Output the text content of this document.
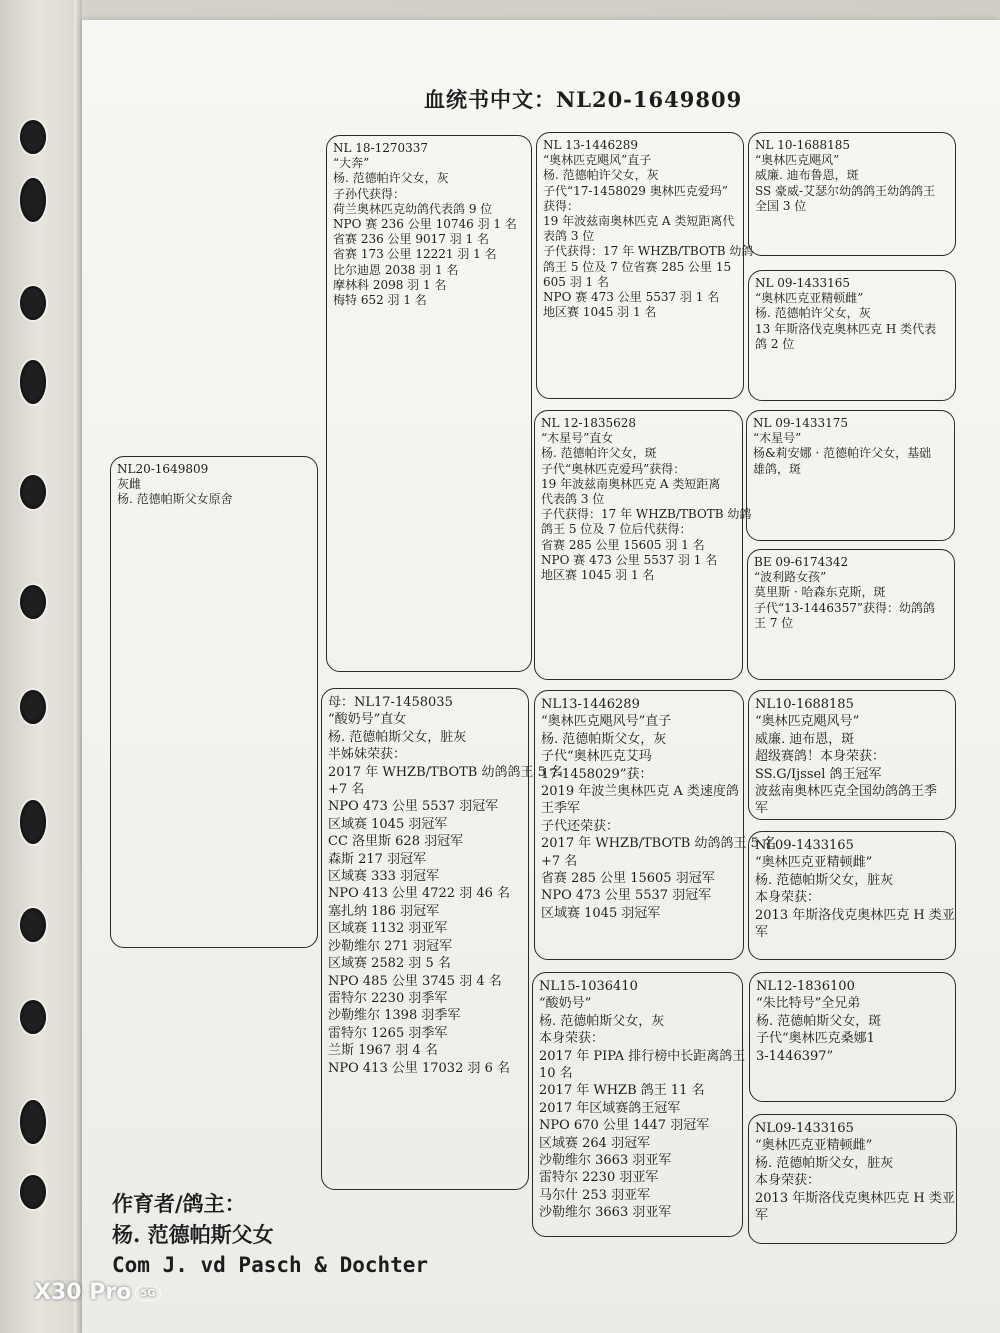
血统书中文：NL20-1649809
NL20-1649809
灰雌
杨. 范德帕斯父女原舍
NL 18-1270337
“大奔”
杨. 范德帕许父女，灰
子孙代获得：
荷兰奥林匹克幼鸽代表鸽 9 位
NPO 赛 236 公里 10746 羽 1 名
省赛 236 公里 9017 羽 1 名
省赛 173 公里 12221 羽 1 名
比尔迪恩 2038 羽 1 名
摩林科 2098 羽 1 名
梅特 652 羽 1 名
母：NL17-1458035
“酸奶号”直女
杨. 范德帕斯父女，脏灰
半姊妹荣获：
2017 年 WHZB/TBOTB 幼鸽鸽王 5 名
+7 名
NPO 473 公里 5537 羽冠军
区域赛 1045 羽冠军
CC 洛里斯 628 羽冠军
森斯 217 羽冠军
区域赛 333 羽冠军
NPO 413 公里 4722 羽 46 名
塞扎纳 186 羽冠军
区域赛 1132 羽亚军
沙勒维尔 271 羽冠军
区域赛 2582 羽 5 名
NPO 485 公里 3745 羽 4 名
雷特尔 2230 羽季军
沙勒维尔 1398 羽季军
雷特尔 1265 羽季军
兰斯 1967 羽 4 名
NPO 413 公里 17032 羽 6 名
NL 13-1446289
“奥林匹克飓风”直子
杨. 范德帕许父女，灰
子代“17-1458029 奥林匹克爱玛”
获得：
19 年波兹南奥林匹克 A 类短距离代
表鸽 3 位
子代获得：17 年 WHZB/TBOTB 幼鸽
鸽王 5 位及 7 位省赛 285 公里 15
605 羽 1 名
NPO 赛 473 公里 5537 羽 1 名
地区赛 1045 羽 1 名
NL 12-1835628
“木星号”直女
杨. 范德帕许父女，斑
子代“奥林匹克爱玛”获得：
19 年波兹南奥林匹克 A 类短距离
代表鸽 3 位
子代获得：17 年 WHZB/TBOTB 幼鸽
鸽王 5 位及 7 位后代获得：
省赛 285 公里 15605 羽 1 名
NPO 赛 473 公里 5537 羽 1 名
地区赛 1045 羽 1 名
NL13-1446289
“奥林匹克飓风号”直子
杨. 范德帕斯父女，灰
子代“奥林匹克艾玛
17-1458029”获：
2019 年波兰奥林匹克 A 类速度鸽
王季军
子代还荣获：
2017 年 WHZB/TBOTB 幼鸽鸽王 5 名
+7 名
省赛 285 公里 15605 羽冠军
NPO 473 公里 5537 羽冠军
区域赛 1045 羽冠军
NL15-1036410
“酸奶号”
杨. 范德帕斯父女，灰
本身荣获：
2017 年 PIPA 排行榜中长距离鸽王
10 名
2017 年 WHZB 鸽王 11 名
2017 年区域赛鸽王冠军
NPO 670 公里 1447 羽冠军
区域赛 264 羽冠军
沙勒维尔 3663 羽亚军
雷特尔 2230 羽亚军
马尔什 253 羽亚军
沙勒维尔 3663 羽亚军
NL 10-1688185
“奥林匹克飓风”
威廉. 迪布鲁恩，斑
SS 豪威-艾瑟尔幼鸽鸽王幼鸽鸽王
全国 3 位
NL 09-1433165
“奥林匹克亚精顿雌”
杨. 范德帕许父女，灰
13 年斯洛伐克奥林匹克 H 类代表
鸽 2 位
NL 09-1433175
“木星号”
杨&莉安娜 · 范德帕许父女，基础
雄鸽，斑
BE 09-6174342
“波利路女孩”
莫里斯 · 哈森东克斯，斑
子代“13-1446357”获得：幼鸽鸽
王 7 位
NL10-1688185
“奥林匹克飓风号”
威廉. 迪布恩，斑
超级赛鸽！本身荣获：
SS.G/Ijssel 鸽王冠军
波兹南奥林匹克全国幼鸽鸽王季
军
NL09-1433165
“奥林匹克亚精顿雌”
杨. 范德帕斯父女，脏灰
本身荣获：
2013 年斯洛伐克奥林匹克 H 类亚
军
NL12-1836100
“朱比特号”全兄弟
杨. 范德帕斯父女，斑
子代“奥林匹克桑娜1
3-1446397”
NL09-1433165
“奥林匹克亚精顿雌”
杨. 范德帕斯父女，脏灰
本身荣获：
2013 年斯洛伐克奥林匹克 H 类亚
军
作育者/鸽主：
杨. 范德帕斯父女
Com J. vd Pasch & Dochter
X30 Pro 5G
